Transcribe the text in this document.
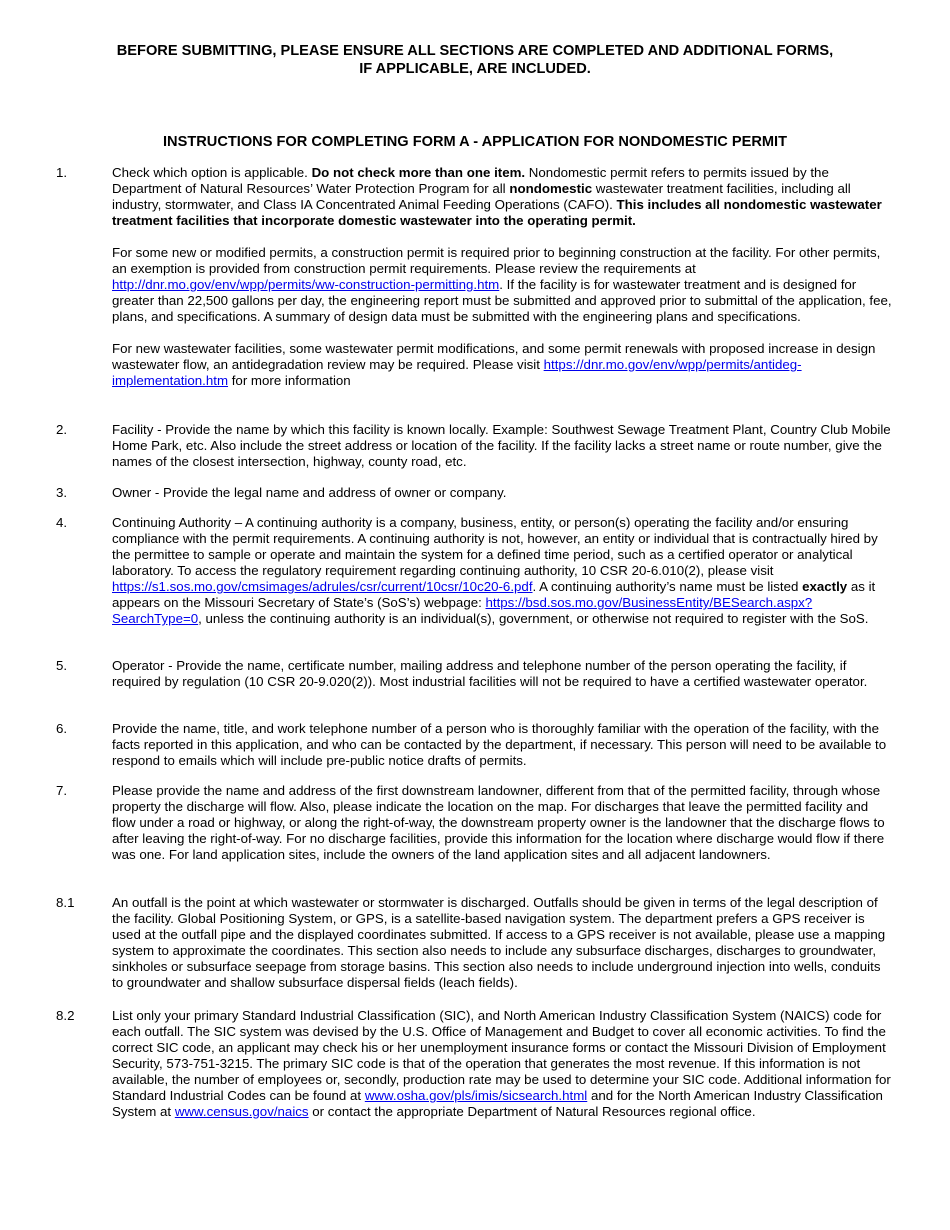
BEFORE SUBMITTING, PLEASE ENSURE ALL SECTIONS ARE COMPLETED AND ADDITIONAL FORMS,
IF APPLICABLE, ARE INCLUDED.
INSTRUCTIONS FOR COMPLETING FORM A - APPLICATION FOR NONDOMESTIC PERMIT
1.	Check which option is applicable. Do not check more than one item. Nondomestic permit refers to permits issued by the Department of Natural Resources’ Water Protection Program for all nondomestic wastewater treatment facilities, including all industry, stormwater, and Class IA Concentrated Animal Feeding Operations (CAFO). This includes all nondomestic wastewater treatment facilities that incorporate domestic wastewater into the operating permit.

For some new or modified permits, a construction permit is required prior to beginning construction at the facility. For other permits, an exemption is provided from construction permit requirements. Please review the requirements at http://dnr.mo.gov/env/wpp/permits/ww-construction-permitting.htm. If the facility is for wastewater treatment and is designed for greater than 22,500 gallons per day, the engineering report must be submitted and approved prior to submittal of the application, fee, plans, and specifications. A summary of design data must be submitted with the engineering plans and specifications.

For new wastewater facilities, some wastewater permit modifications, and some permit renewals with proposed increase in design wastewater flow, an antidegradation review may be required. Please visit https://dnr.mo.gov/env/wpp/permits/antideg-implementation.htm for more information

2.	Facility - Provide the name by which this facility is known locally. Example: Southwest Sewage Treatment Plant, Country Club Mobile Home Park, etc. Also include the street address or location of the facility. If the facility lacks a street name or route number, give the names of the closest intersection, highway, county road, etc.

3.	Owner - Provide the legal name and address of owner or company.

4.	Continuing Authority – A continuing authority is a company, business, entity, or person(s) operating the facility and/or ensuring compliance with the permit requirements. A continuing authority is not, however, an entity or individual that is contractually hired by the permittee to sample or operate and maintain the system for a defined time period, such as a certified operator or analytical laboratory. To access the regulatory requirement regarding continuing authority, 10 CSR 20-6.010(2), please visit https://s1.sos.mo.gov/cmsimages/adrules/csr/current/10csr/10c20-6.pdf. A continuing authority’s name must be listed exactly as it appears on the Missouri Secretary of State’s (SoS’s) webpage: https://bsd.sos.mo.gov/BusinessEntity/BESearch.aspx?SearchType=0, unless the continuing authority is an individual(s), government, or otherwise not required to register with the SoS.

5.	Operator - Provide the name, certificate number, mailing address and telephone number of the person operating the facility, if required by regulation (10 CSR 20-9.020(2)). Most industrial facilities will not be required to have a certified wastewater operator.

6.	Provide the name, title, and work telephone number of a person who is thoroughly familiar with the operation of the facility, with the facts reported in this application, and who can be contacted by the department, if necessary. This person will need to be available to respond to emails which will include pre-public notice drafts of permits.

7.	Please provide the name and address of the first downstream landowner, different from that of the permitted facility, through whose property the discharge will flow. Also, please indicate the location on the map. For discharges that leave the permitted facility and flow under a road or highway, or along the right-of-way, the downstream property owner is the landowner that the discharge flows to after leaving the right-of-way. For no discharge facilities, provide this information for the location where discharge would flow if there was one. For land application sites, include the owners of the land application sites and all adjacent landowners.

8.1	An outfall is the point at which wastewater or stormwater is discharged. Outfalls should be given in terms of the legal description of the facility. Global Positioning System, or GPS, is a satellite-based navigation system. The department prefers a GPS receiver is used at the outfall pipe and the displayed coordinates submitted. If access to a GPS receiver is not available, please use a mapping system to approximate the coordinates. This section also needs to include any subsurface discharges, discharges to groundwater, sinkholes or subsurface seepage from storage basins. This section also needs to include underground injection into wells, conduits to groundwater and shallow subsurface dispersal fields (leach fields).

8.2	List only your primary Standard Industrial Classification (SIC), and North American Industry Classification System (NAICS) code for each outfall. The SIC system was devised by the U.S. Office of Management and Budget to cover all economic activities. To find the correct SIC code, an applicant may check his or her unemployment insurance forms or contact the Missouri Division of Employment Security, 573-751-3215. The primary SIC code is that of the operation that generates the most revenue. If this information is not available, the number of employees or, secondly, production rate may be used to determine your SIC code. Additional information for Standard Industrial Codes can be found at www.osha.gov/pls/imis/sicsearch.html and for the North American Industry Classification System at www.census.gov/naics or contact the appropriate Department of Natural Resources regional office.
